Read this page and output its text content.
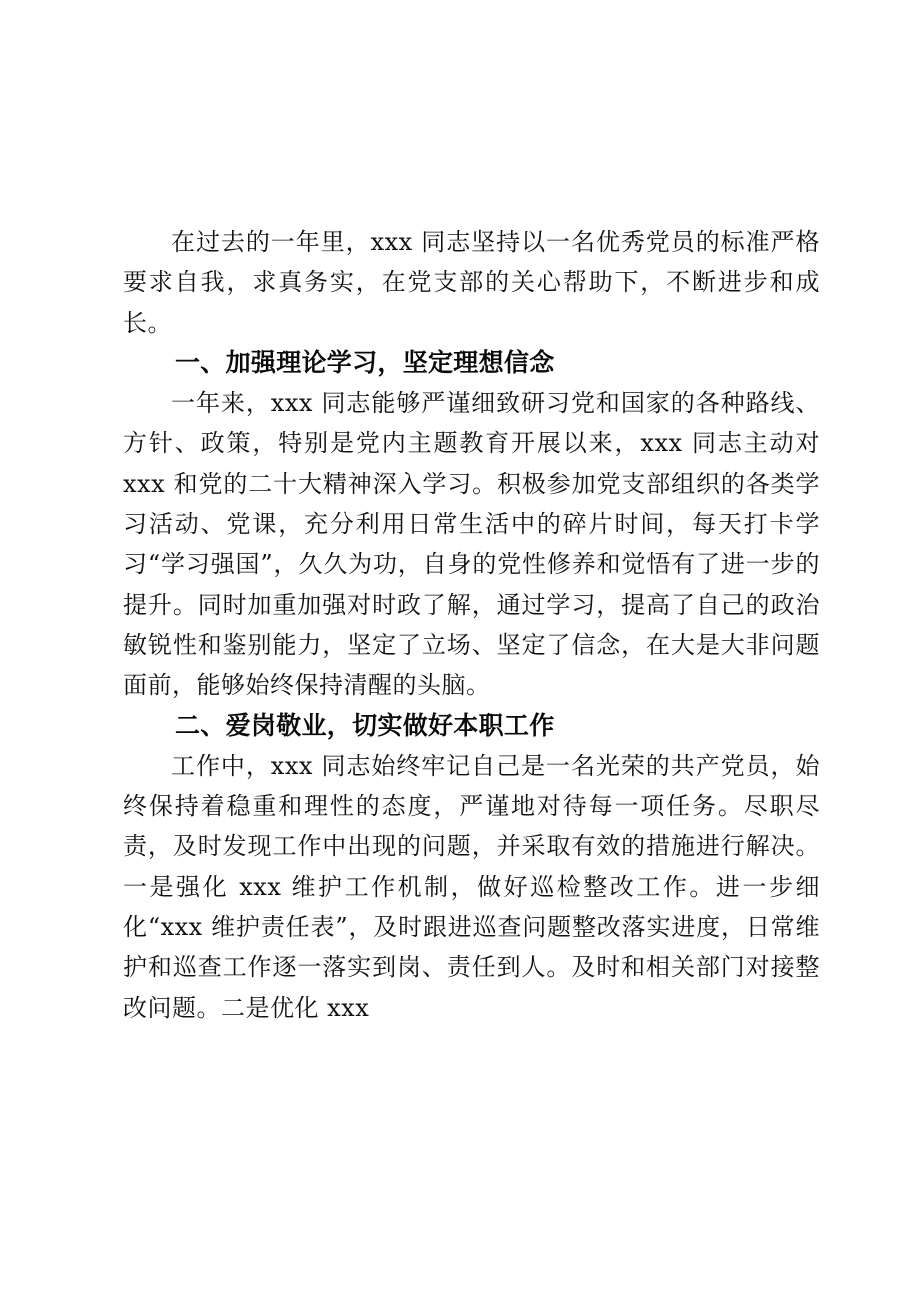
在过去的一年里，xxx 同志坚持以一名优秀党员的标准严格要求自我，求真务实，在党支部的关心帮助下，不断进步和成长。

一、加强理论学习，坚定理想信念

一年来，xxx 同志能够严谨细致研习党和国家的各种路线、方针、政策，特别是党内主题教育开展以来，xxx 同志主动对 xxx 和党的二十大精神深入学习。积极参加党支部组织的各类学习活动、党课，充分利用日常生活中的碎片时间，每天打卡学习“学习强国”，久久为功，自身的党性修养和觉悟有了进一步的提升。同时加重加强对时政了解，通过学习，提高了自己的政治敏锐性和鉴别能力，坚定了立场、坚定了信念，在大是大非问题面前，能够始终保持清醒的头脑。

二、爱岗敬业，切实做好本职工作

工作中，xxx 同志始终牢记自己是一名光荣的共产党员，始终保持着稳重和理性的态度，严谨地对待每一项任务。尽职尽责，及时发现工作中出现的问题，并采取有效的措施进行解决。一是强化 xxx 维护工作机制，做好巡检整改工作。进一步细化“xxx 维护责任表”，及时跟进巡查问题整改落实进度，日常维护和巡查工作逐一落实到岗、责任到人。及时和相关部门对接整改问题。二是优化 xxx
